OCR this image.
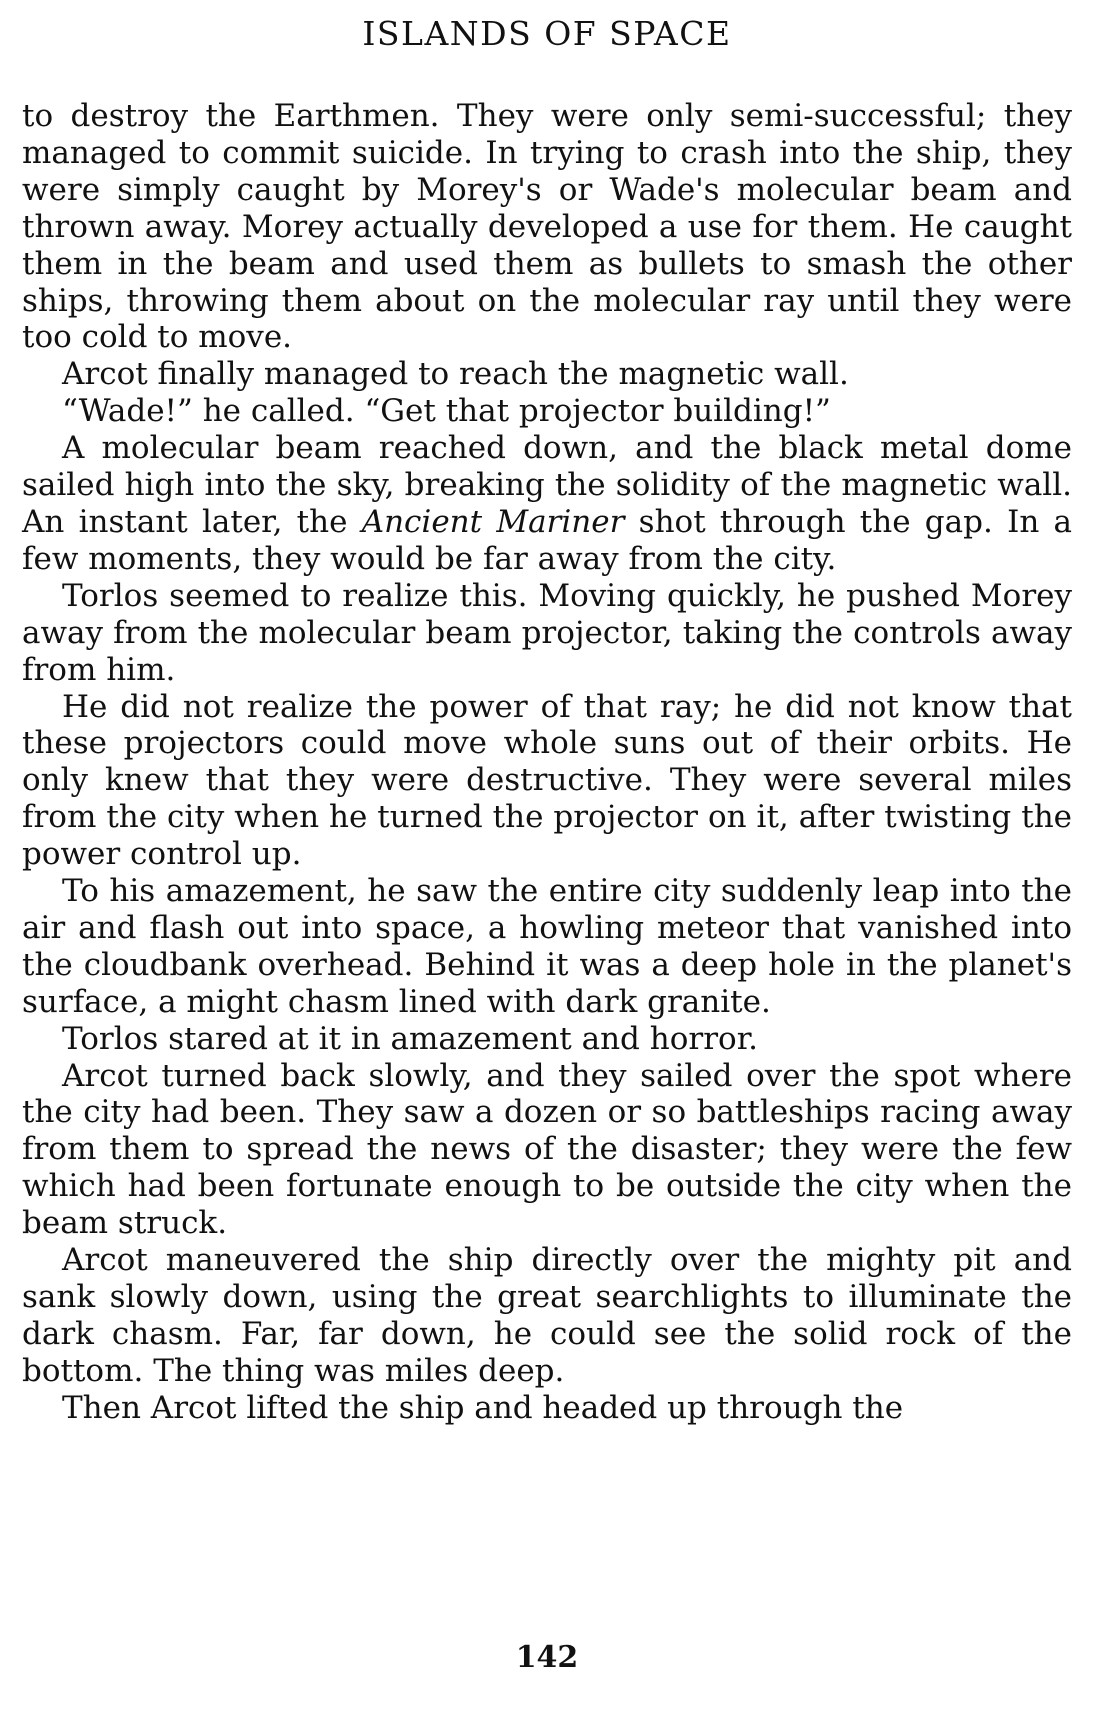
ISLANDS OF SPACE

to destroy the Earthmen. They were only semi-successful; they managed to commit suicide. In trying to crash into the ship, they were simply caught by Morey's or Wade's molecular beam and thrown away. Morey actually developed a use for them. He caught them in the beam and used them as bullets to smash the other ships, throwing them about on the molecular ray until they were too cold to move.

Arcot finally managed to reach the magnetic wall.

“Wade!” he called. “Get that projector building!”

A molecular beam reached down, and the black metal dome sailed high into the sky, breaking the solidity of the magnetic wall. An instant later, the Ancient Mariner shot through the gap. In a few moments, they would be far away from the city.

Torlos seemed to realize this. Moving quickly, he pushed Morey away from the molecular beam projector, taking the controls away from him.

He did not realize the power of that ray; he did not know that these projectors could move whole suns out of their orbits. He only knew that they were destructive. They were several miles from the city when he turned the projector on it, after twisting the power control up.

To his amazement, he saw the entire city suddenly leap into the air and flash out into space, a howling meteor that vanished into the cloudbank overhead. Behind it was a deep hole in the planet's surface, a might chasm lined with dark granite.

Torlos stared at it in amazement and horror.

Arcot turned back slowly, and they sailed over the spot where the city had been. They saw a dozen or so battleships racing away from them to spread the news of the disaster; they were the few which had been fortunate enough to be outside the city when the beam struck.

Arcot maneuvered the ship directly over the mighty pit and sank slowly down, using the great searchlights to illuminate the dark chasm. Far, far down, he could see the solid rock of the bottom. The thing was miles deep.

Then Arcot lifted the ship and headed up through the

142
